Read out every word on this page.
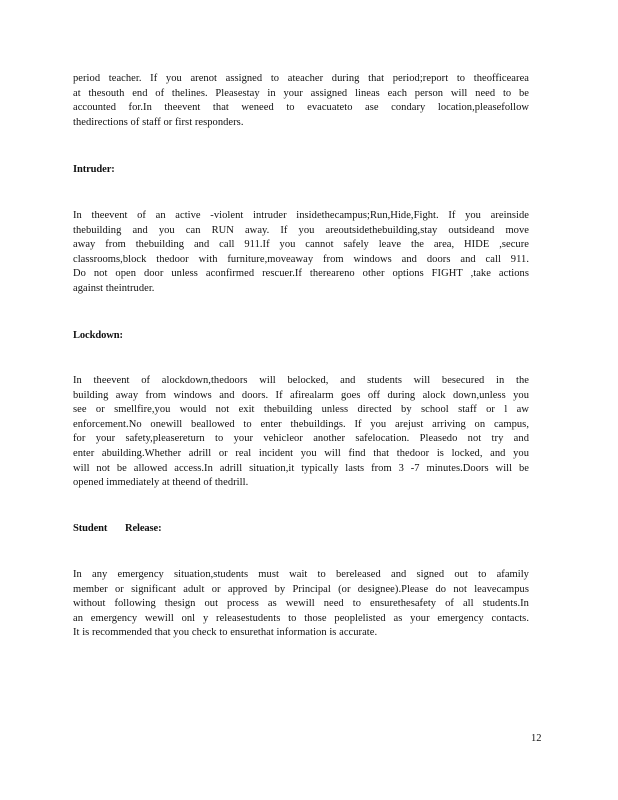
period teacher. If you arenot assigned to ateacher during that period;report to theofficearea
at thesouth end of thelines. Pleasestay in your assigned lineas each person will need to be
accounted for.In theevent that weneed to evacuateto ase condary location,pleasefollow
thedirections of staff or first responders.
Intruder:
In theevent of an active -violent intruder insidethecampus;Run,Hide,Fight. If you areinside
thebuilding and you can RUN away. If you areoutsidethebuilding,stay outsideand move
away from thebuilding and call 911.If you cannot safely leave the area, HIDE ,secure
classrooms,block thedoor with furniture,moveaway from windows and doors and call 911.
Do not open door unless aconfirmed rescuer.If thereareno other options FIGHT ,take actions
against theintruder.
Lockdown:
In theevent of alockdown,thedoors will belocked, and students will besecured in the
building away from windows and doors. If afirealarm goes off during alock down,unless you
see or smellfire,you would not exit thebuilding unless directed by school staff or l aw
enforcement.No onewill beallowed to enter thebuildings. If you arejust arriving on campus,
for your safety,pleasereturn to your vehicleor another safelocation. Pleasedo not try and
enter abuilding.Whether adrill or real incident you will find that thedoor is locked, and you
will not be allowed access.In adrill situation,it typically lasts from 3 -7 minutes.Doors will be
opened immediately at theend of thedrill.
Student       Release:
In any emergency situation,students must wait to bereleased and signed out to afamily
member or significant adult or approved by Principal (or designee).Please do not leavecampus
without following thesign out process as wewill need to ensurethesafety of all students.In
an emergency wewill onl y releasestudents to those peoplelisted as your emergency contacts.
It is recommended that you check to ensurethat information is accurate.
12
